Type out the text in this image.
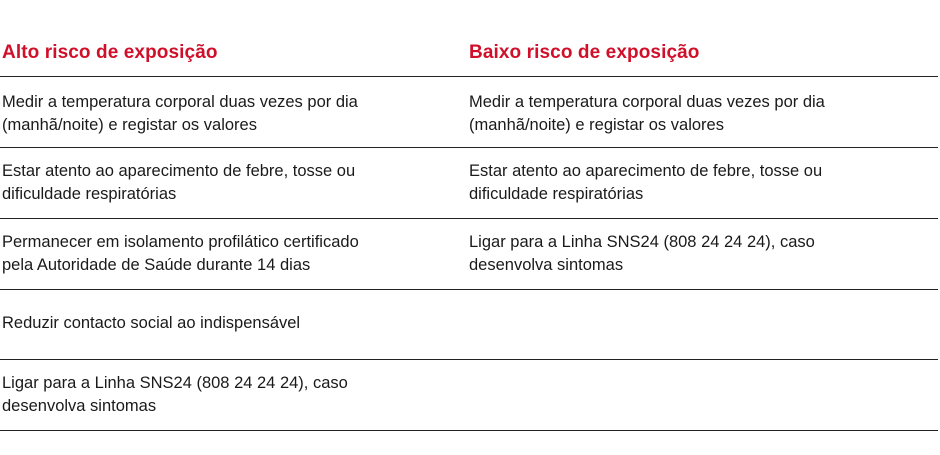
Alto risco de exposição	Baixo risco de exposição
Medir a temperatura corporal duas vezes por dia
(manhã/noite) e registar os valores
Medir a temperatura corporal duas vezes por dia
(manhã/noite) e registar os valores
Estar atento ao aparecimento de febre, tosse ou
dificuldade respiratórias
Estar atento ao aparecimento de febre, tosse ou
dificuldade respiratórias
Permanecer em isolamento profilático certificado
pela Autoridade de Saúde durante 14 dias
Ligar para a Linha SNS24 (808 24 24 24), caso
desenvolva sintomas
Reduzir contacto social ao indispensável
Ligar para a Linha SNS24 (808 24 24 24), caso
desenvolva sintomas
